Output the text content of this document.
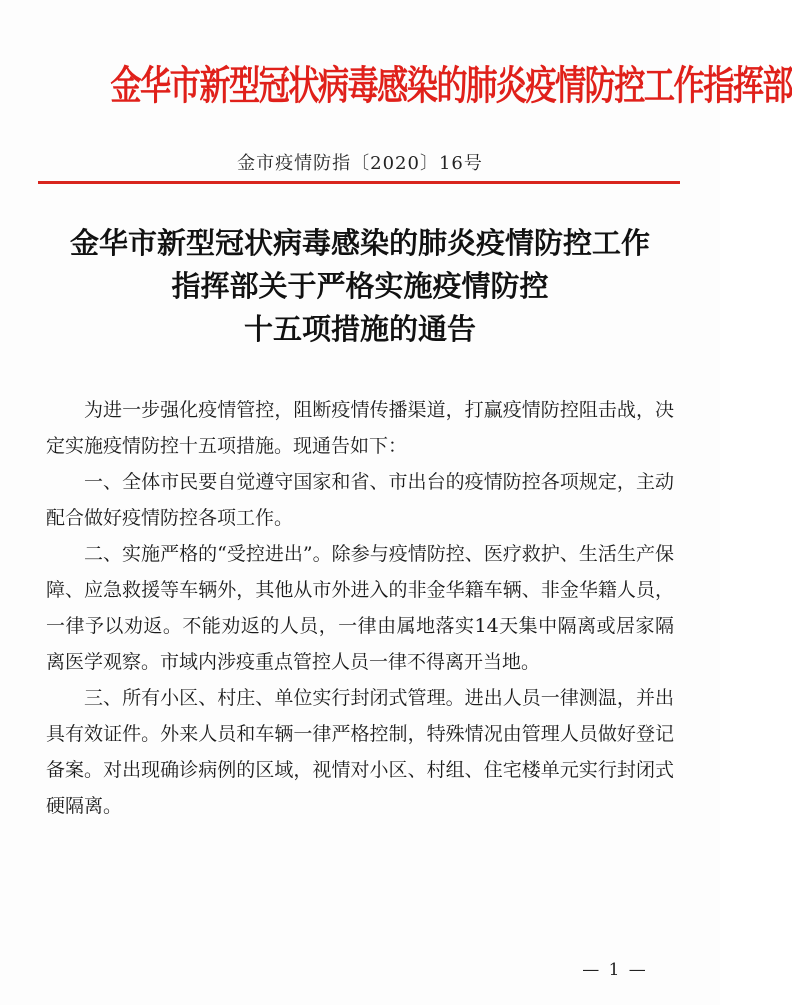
金华市新型冠状病毒感染的肺炎疫情防控工作指挥部
金市疫情防指〔2020〕16号
金华市新型冠状病毒感染的肺炎疫情防控工作
指挥部关于严格实施疫情防控
十五项措施的通告

为进一步强化疫情管控，阻断疫情传播渠道，打赢疫情防控阻击战，决定实施疫情防控十五项措施。现通告如下：

一、全体市民要自觉遵守国家和省、市出台的疫情防控各项规定，主动配合做好疫情防控各项工作。

二、实施严格的“受控进出”。除参与疫情防控、医疗救护、生活生产保障、应急救援等车辆外，其他从市外进入的非金华籍车辆、非金华籍人员，一律予以劝返。不能劝返的人员，一律由属地落实14天集中隔离或居家隔离医学观察。市域内涉疫重点管控人员一律不得离开当地。

三、所有小区、村庄、单位实行封闭式管理。进出人员一律测温，并出具有效证件。外来人员和车辆一律严格控制，特殊情况由管理人员做好登记备案。对出现确诊病例的区域，视情对小区、村组、住宅楼单元实行封闭式硬隔离。

— 1 —
